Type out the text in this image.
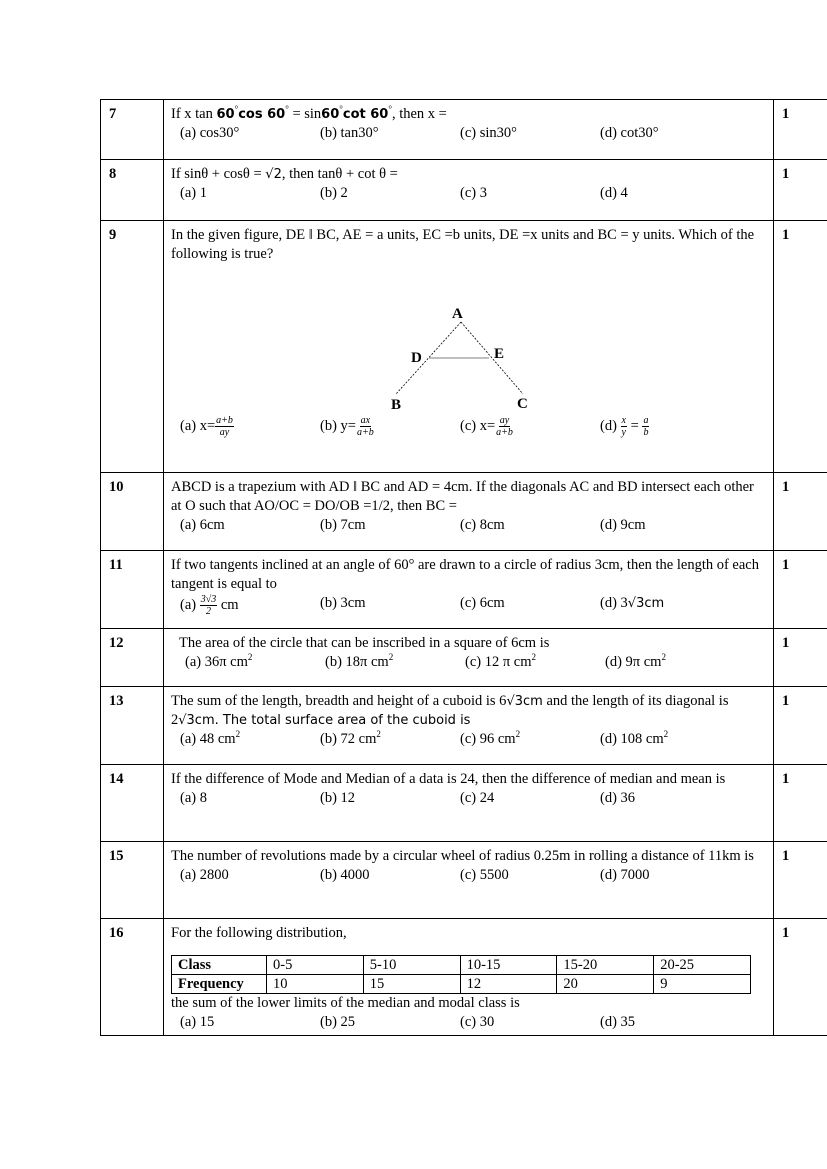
7	If x tan 60°cos 60° = sin60°cot 60°, then x =
(a) cos30°	(b) tan30°	(c) sin30°	(d) cot30°
	1
8	If sinθ + cosθ = √2, then tanθ + cot θ =
(a) 1	(b) 2	(c) 3	(d) 4
	1
9	In the given figure, DE ǁ BC, AE = a units, EC =b units, DE =x units and BC = y units. Which of the following is true?
A
D	E
B	C
(a) $x= \frac{a+b}{ay}$	(b) $y= \frac{ax}{a+b}$	(c) $x= \frac{ay}{a+b}$	$(d) \frac{x}{y} = \frac{a}{b}$
	1
10	ABCD is a trapezium with AD ǁ BC and AD = 4cm. If the diagonals AC and BD intersect each other at O such that AO/OC = DO/OB =1/2, then BC =
(a) 6cm	(b) 7cm	(c) 8cm	(d) 9cm
	1
11	If two tangents inclined at an angle of 60° are drawn to a circle of radius 3cm, then the length of each tangent is equal to
$(a) \frac{3√3}{2}$ cm	(b) 3cm	(c) 6cm	(d) 3√3cm
	1
12	The area of the circle that can be inscribed in a square of 6cm is
(a) 36π $cm^2$	(b) 18π $cm^2$	(c) 12 π $cm^2$	(d) 9π $cm^2$
	1
13	The sum of the length, breadth and height of a cuboid is 6√3cm and the length of its diagonal is 2√3cm. The total surface area of the cuboid is
(a) 48 $cm^2$	(b) 72 $cm^2$	(c) 96 $cm^2$	(d) 108 $cm^2$
	1
14	If the difference of Mode and Median of a data is 24, then the difference of median and mean is
(a) 8	(b) 12	(c) 24	(d) 36
	1
15	The number of revolutions made by a circular wheel of radius 0.25m in rolling a distance of 11km is
(a) 2800	(b) 4000	(c) 5500	(d) 7000
	1
16	For the following distribution,
Class	0-5	5-10	10-15	15-20	20-25
Frequency	10	15	12	20	9
the sum of the lower limits of the median and modal class is
(a) 15	(b) 25	(c) 30	(d) 35
	1
